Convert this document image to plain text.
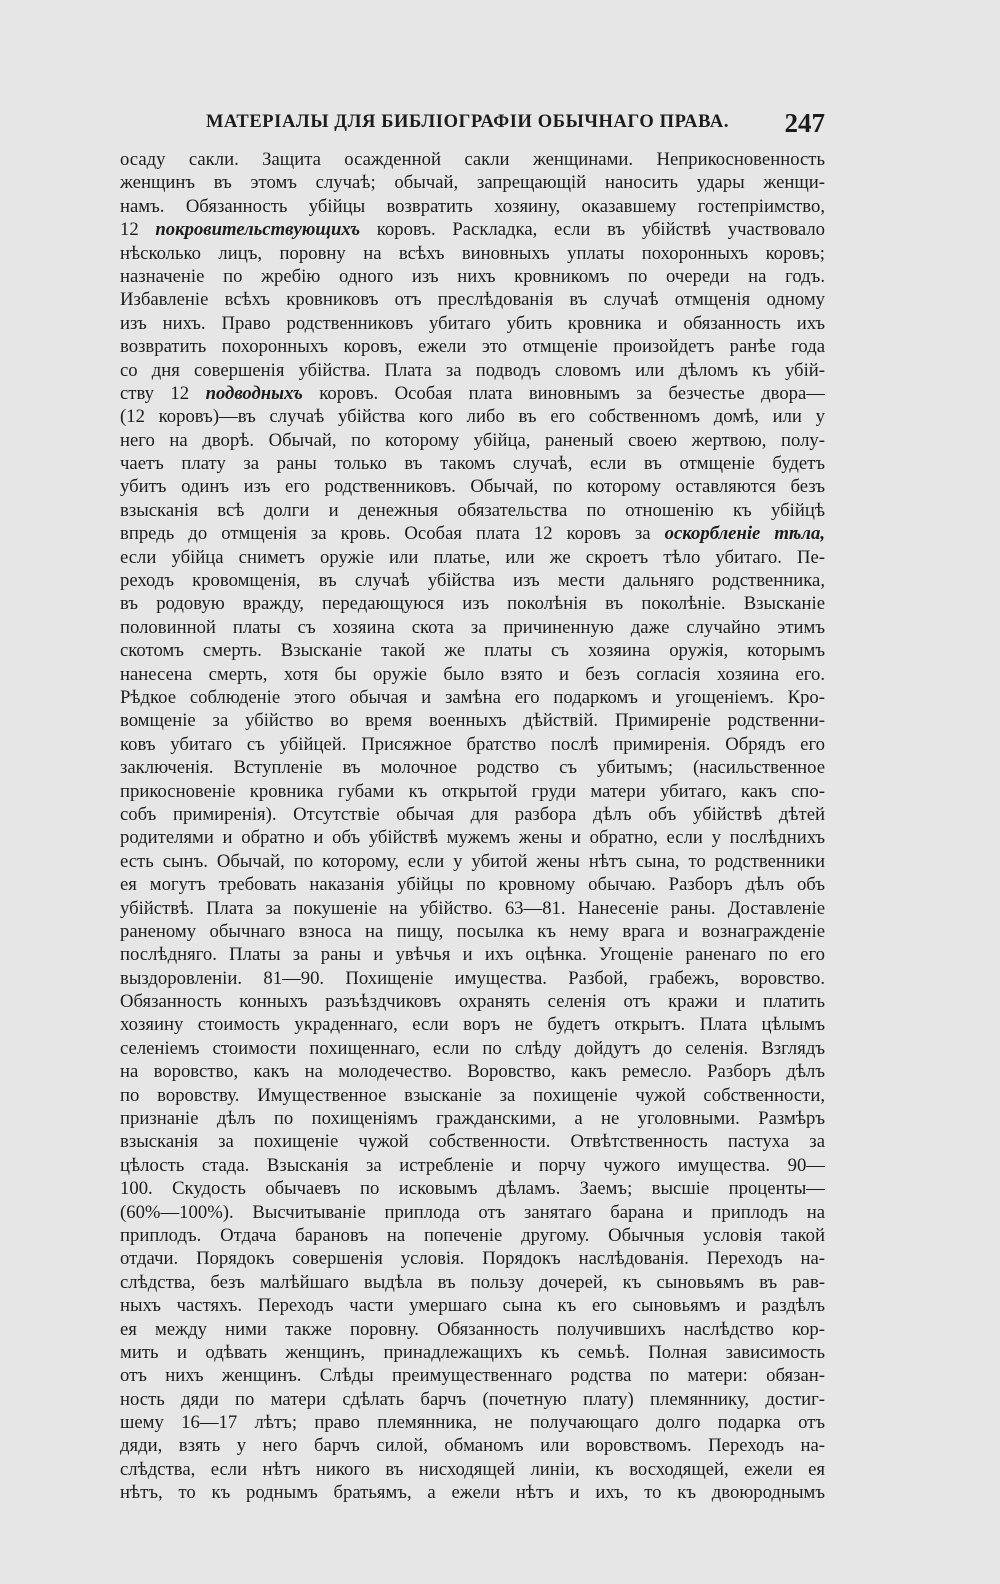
МАТЕРІАЛЫ ДЛЯ БИБЛІОГРАФІИ ОБЫЧНАГО ПРАВА. 247
осаду сакли. Защита осажденной сакли женщинами. Неприкосновенность
женщинъ въ этомъ случаѣ; обычай, запрещающій наносить удары женщи-
намъ. Обязанность убійцы возвратить хозяину, оказавшему гостепріимство,
12 покровительствующихъ коровъ. Раскладка, если въ убійствѣ участвовало
нѣсколько лицъ, поровну на всѣхъ виновныхъ уплаты похоронныхъ коровъ;
назначеніе по жребію одного изъ нихъ кровникомъ по очереди на годъ.
Избавленіе всѣхъ кровниковъ отъ преслѣдованія въ случаѣ отмщенія одному
изъ нихъ. Право родственниковъ убитаго убить кровника и обязанность ихъ
возвратить похоронныхъ коровъ, ежели это отмщеніе произойдетъ ранѣе года
со дня совершенія убійства. Плата за подводъ словомъ или дѣломъ къ убій-
ству 12 подводныхъ коровъ. Особая плата виновнымъ за безчестье двора—
(12 коровъ)—въ случаѣ убійства кого либо въ его собственномъ домѣ, или у
него на дворѣ. Обычай, по которому убійца, раненый своею жертвою, полу-
чаетъ плату за раны только въ такомъ случаѣ, если въ отмщеніе будетъ
убитъ одинъ изъ его родственниковъ. Обычай, по которому оставляются безъ
взысканія всѣ долги и денежныя обязательства по отношенію къ убійцѣ
впредь до отмщенія за кровь. Особая плата 12 коровъ за оскорбленіе тѣла,
если убійца сниметъ оружіе или платье, или же скроетъ тѣло убитаго. Пе-
реходъ кровомщенія, въ случаѣ убійства изъ мести дальняго родственника,
въ родовую вражду, передающуюся изъ поколѣнія въ поколѣніе. Взысканіе
половинной платы съ хозяина скота за причиненную даже случайно этимъ
скотомъ смерть. Взысканіе такой же платы съ хозяина оружія, которымъ
нанесена смерть, хотя бы оружіе было взято и безъ согласія хозяина его.
Рѣдкое соблюденіе этого обычая и замѣна его подаркомъ и угощеніемъ. Кро-
вомщеніе за убійство во время военныхъ дѣйствій. Примиреніе родственни-
ковъ убитаго съ убійцей. Присяжное братство послѣ примиренія. Обрядъ его
заключенія. Вступленіе въ молочное родство съ убитымъ; (насильственное
прикосновеніе кровника губами къ открытой груди матери убитаго, какъ спо-
собъ примиренія). Отсутствіе обычая для разбора дѣлъ объ убійствѣ дѣтей
родителями и обратно и объ убійствѣ мужемъ жены и обратно, если у послѣднихъ
есть сынъ. Обычай, по которому, если у убитой жены нѣтъ сына, то родственники
ея могутъ требовать наказанія убійцы по кровному обычаю. Разборъ дѣлъ объ
убійствѣ. Плата за покушеніе на убійство. 63—81. Нанесеніе раны. Доставленіе
раненому обычнаго взноса на пищу, посылка къ нему врага и вознагражденіе
послѣдняго. Платы за раны и увѣчья и ихъ оцѣнка. Угощеніе раненаго по его
выздоровленіи. 81—90. Похищеніе имущества. Разбой, грабежъ, воровство.
Обязанность конныхъ разъѣздчиковъ охранять селенія отъ кражи и платить
хозяину стоимость украденнаго, если воръ не будетъ открытъ. Плата цѣлымъ
селеніемъ стоимости похищеннаго, если по слѣду дойдутъ до селенія. Взглядъ
на воровство, какъ на молодечество. Воровство, какъ ремесло. Разборъ дѣлъ
по воровству. Имущественное взысканіе за похищеніе чужой собственности,
признаніе дѣлъ по похищеніямъ гражданскими, а не уголовными. Размѣръ
взысканія за похищеніе чужой собственности. Отвѣтственность пастуха за
цѣлость стада. Взысканія за истребленіе и порчу чужого имущества. 90—
100. Скудость обычаевъ по исковымъ дѣламъ. Заемъ; высшіе проценты—
(60%—100%). Высчитываніе приплода отъ занятаго барана и приплодъ на
приплодъ. Отдача барановъ на попеченіе другому. Обычныя условія такой
отдачи. Порядокъ совершенія условія. Порядокъ наслѣдованія. Переходъ на-
слѣдства, безъ малѣйшаго выдѣла въ пользу дочерей, къ сыновьямъ въ рав-
ныхъ частяхъ. Переходъ части умершаго сына къ его сыновьямъ и раздѣлъ
ея между ними также поровну. Обязанность получившихъ наслѣдство кор-
мить и одѣвать женщинъ, принадлежащихъ къ семьѣ. Полная зависимость
отъ нихъ женщинъ. Слѣды преимущественнаго родства по матери: обязан-
ность дяди по матери сдѣлать барчъ (почетную плату) племяннику, достиг-
шему 16—17 лѣтъ; право племянника, не получающаго долго подарка отъ
дяди, взять у него барчъ силой, обманомъ или воровствомъ. Переходъ на-
слѣдства, если нѣтъ никого въ нисходящей линіи, къ восходящей, ежели ея
нѣтъ, то къ роднымъ братьямъ, а ежели нѣтъ и ихъ, то къ двоюроднымъ
